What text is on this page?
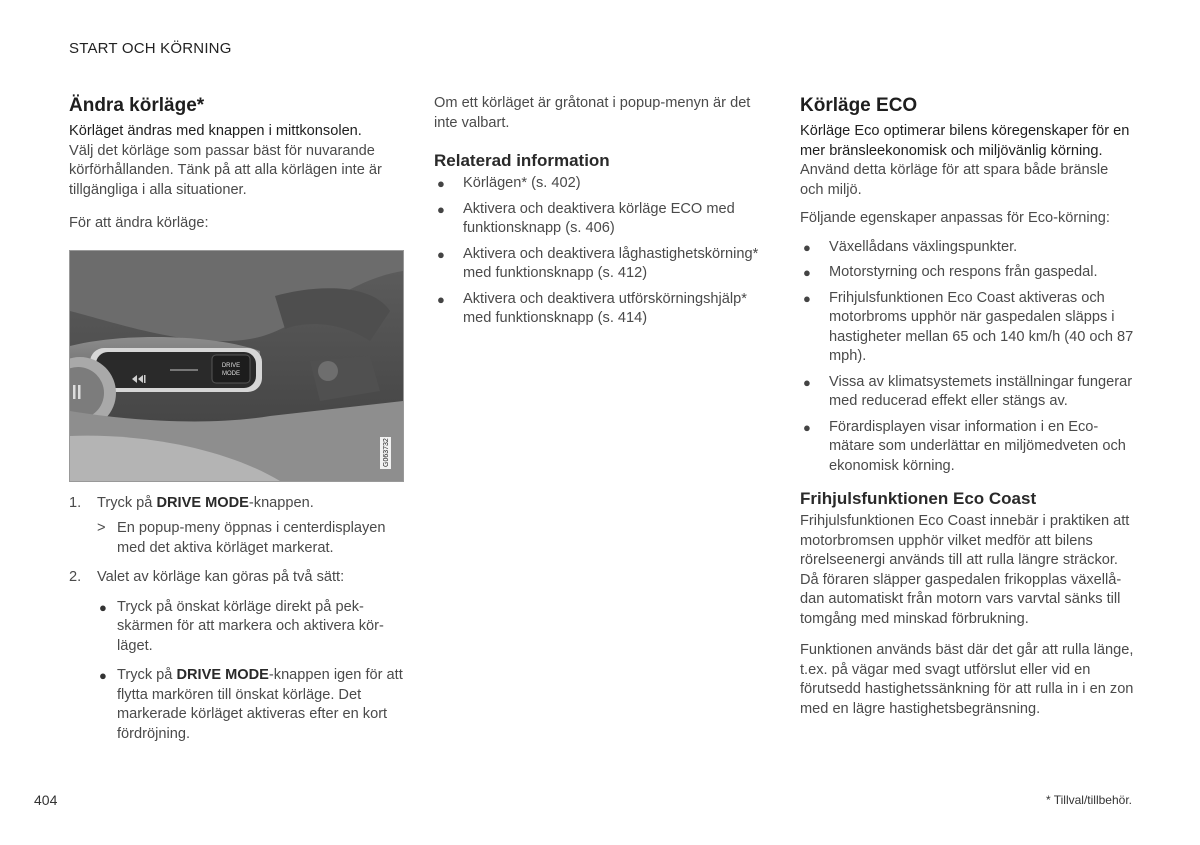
START OCH KÖRNING
Ändra körläge*

Körläget ändras med knappen i mittkonsolen.

Välj det körläge som passar bäst för nuvarande körförhållanden. Tänk på att alla körlägen inte är tillgängliga i alla situationer.

För att ändra körläge:

DRIVE
MODE
G063732
1. Tryck på DRIVE MODE-knappen.
> En popup-meny öppnas i centerdisplayen med det aktiva körläget markerat.
2. Valet av körläge kan göras på två sätt:
● Tryck på önskat körläge direkt på pekskärmen för att markera och aktivera körläget.
● Tryck på DRIVE MODE-knappen igen för att flytta markören till önskat körläge. Det markerade körläget aktiveras efter en kort fördröjning.

Om ett körläget är gråtonat i popup-menyn är det inte valbart.

Relaterad information
● Körlägen* (s. 402)
● Aktivera och deaktivera körläge ECO med funktionsknapp (s. 406)
● Aktivera och deaktivera låghastighetskörning* med funktionsknapp (s. 412)
● Aktivera och deaktivera utförskörningshjälp* med funktionsknapp (s. 414)
Körläge ECO

Körläge Eco optimerar bilens köregenskaper för en mer bränsleekonomisk och miljövänlig körning.

Använd detta körläge för att spara både bränsle och miljö.

Följande egenskaper anpassas för Eco-körning:

● Växellådans växlingspunkter.
● Motorstyrning och respons från gaspedal.
● Frihjulsfunktionen Eco Coast aktiveras och motorbroms upphör när gaspedalen släpps i hastigheter mellan 65 och 140 km/h (40 och 87 mph).
● Vissa av klimatsystemets inställningar fungerar med reducerad effekt eller stängs av.
● Förardisplayen visar information i en Eco-mätare som underlättar en miljömedveten och ekonomisk körning.
Frihjulsfunktionen Eco Coast

Frihjulsfunktionen Eco Coast innebär i praktiken att motorbromsen upphör vilket medför att bilens rörelseenergi används till att rulla längre sträckor. Då föraren släpper gaspedalen frikopplas växellådan automatiskt från motorn vars varvtal sänks till tomgång med minskad förbrukning.

Funktionen används bäst där det går att rulla länge, t.ex. på vägar med svagt utförslut eller vid en förutsedd hastighetssänkning för att rulla in i en zon med en lägre hastighetsbegränsning.

404	* Tillval/tillbehör.
